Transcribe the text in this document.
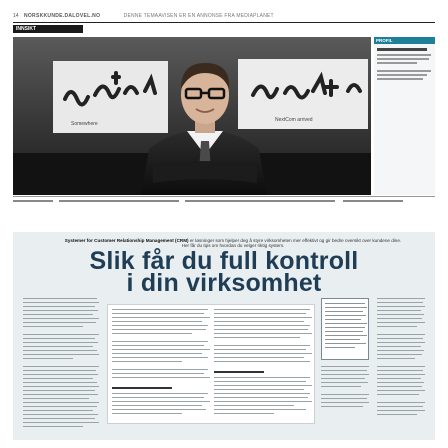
14 NORSKKUNDE.DALOVEL.NO	DENNE TEMAAVISEN ER EN ANNONSE FRA MEDIAPLANET
INNSIKT
Somewhere
NextCom arrived
PROFIL
Systemer for Customer Relationship Management (CRM) er løsninger som hjelper deg å styre virksomheten mer effektivt og gir bedre oversikt over kundene dine. Her får du tips om hvordan du velger riktig system.
Slik får du full kontroll
i din virksomhet
